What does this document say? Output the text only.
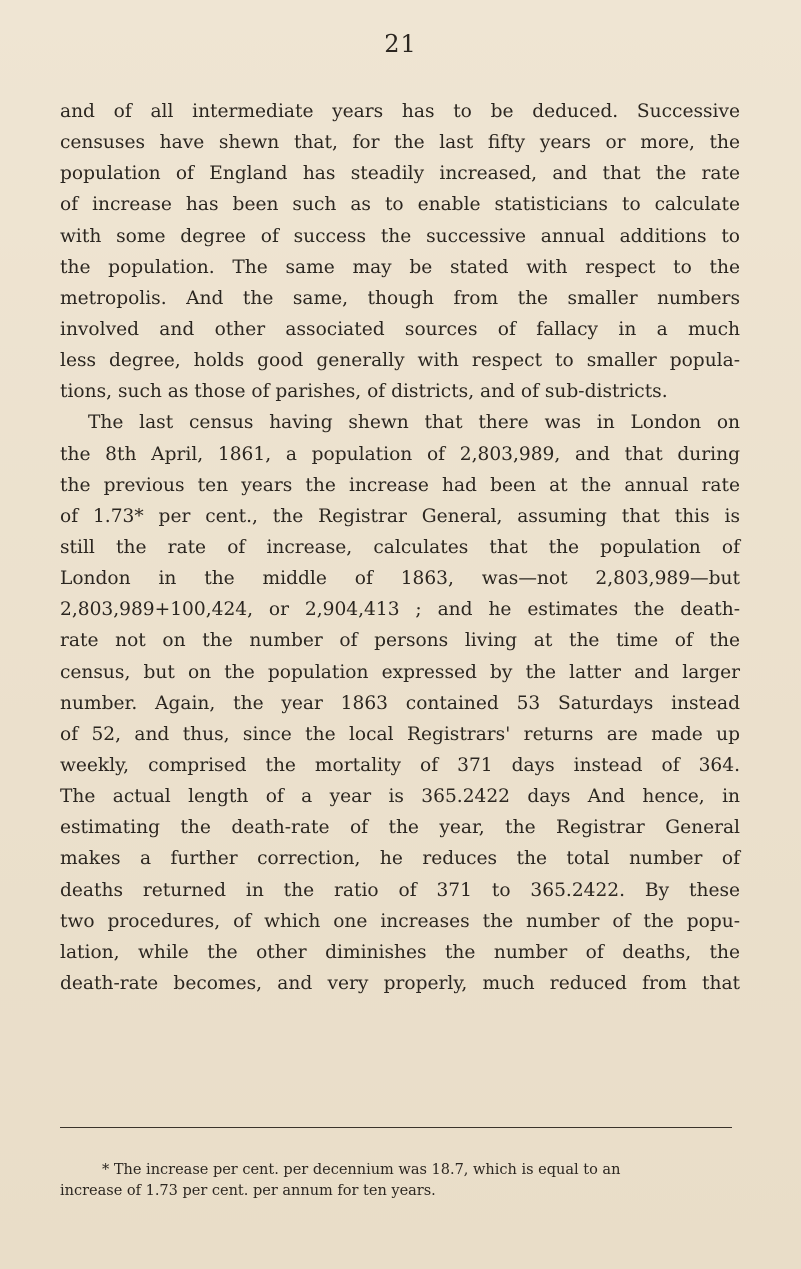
21
and of all intermediate years has to be deduced. Successive
censuses have shewn that, for the last fifty years or more, the
population of England has steadily increased, and that the rate
of increase has been such as to enable statisticians to calculate
with some degree of success the successive annual additions to
the population. The same may be stated with respect to the
metropolis. And the same, though from the smaller numbers
involved and other associated sources of fallacy in a much
less degree, holds good generally with respect to smaller popula-
tions, such as those of parishes, of districts, and of sub-districts.
The last census having shewn that there was in London on
the 8th April, 1861, a population of 2,803,989, and that during
the previous ten years the increase had been at the annual rate
of 1.73* per cent., the Registrar General, assuming that this is
still the rate of increase, calculates that the population of
London in the middle of 1863, was—not 2,803,989—but
2,803,989+100,424, or 2,904,413 ; and he estimates the death-
rate not on the number of persons living at the time of the
census, but on the population expressed by the latter and larger
number. Again, the year 1863 contained 53 Saturdays instead
of 52, and thus, since the local Registrars' returns are made up
weekly, comprised the mortality of 371 days instead of 364.
The actual length of a year is 365.2422 days And hence, in
estimating the death-rate of the year, the Registrar General
makes a further correction, he reduces the total number of
deaths returned in the ratio of 371 to 365.2422. By these
two procedures, of which one increases the number of the popu-
lation, while the other diminishes the number of deaths, the
death-rate becomes, and very properly, much reduced from that
* The increase per cent. per decennium was 18.7, which is equal to an
increase of 1.73 per cent. per annum for ten years.
